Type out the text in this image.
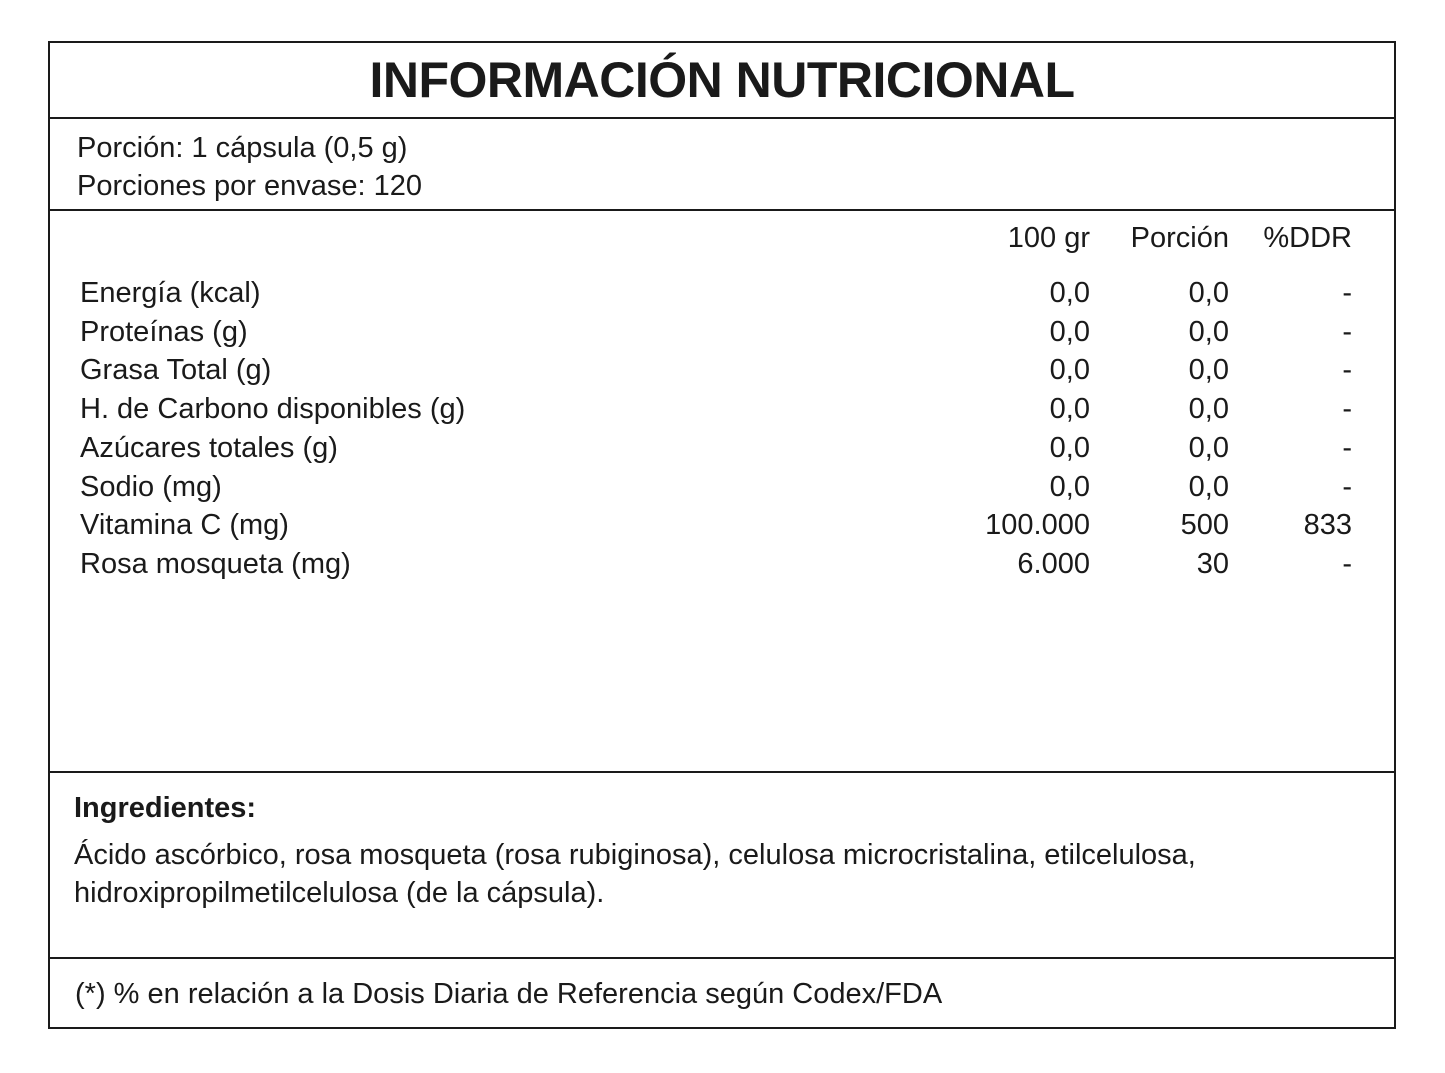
INFORMACIÓN NUTRICIONAL
Porción: 1 cápsula (0,5 g)
Porciones por envase: 120
100 gr Porción %DDR
Energía (kcal)	0,0	0,0	-
Proteínas (g)	0,0	0,0	-
Grasa Total (g)	0,0	0,0	-
H. de Carbono disponibles (g)	0,0	0,0	-
Azúcares totales (g)	0,0	0,0	-
Sodio (mg)	0,0	0,0	-
Vitamina C (mg)	100.000	500	833
Rosa mosqueta (mg)	6.000	30	-
Ingredientes:
Ácido ascórbico, rosa mosqueta (rosa rubiginosa), celulosa microcristalina, etilcelulosa, hidroxipropilmetilcelulosa (de la cápsula).
(*) % en relación a la Dosis Diaria de Referencia según Codex/FDA
